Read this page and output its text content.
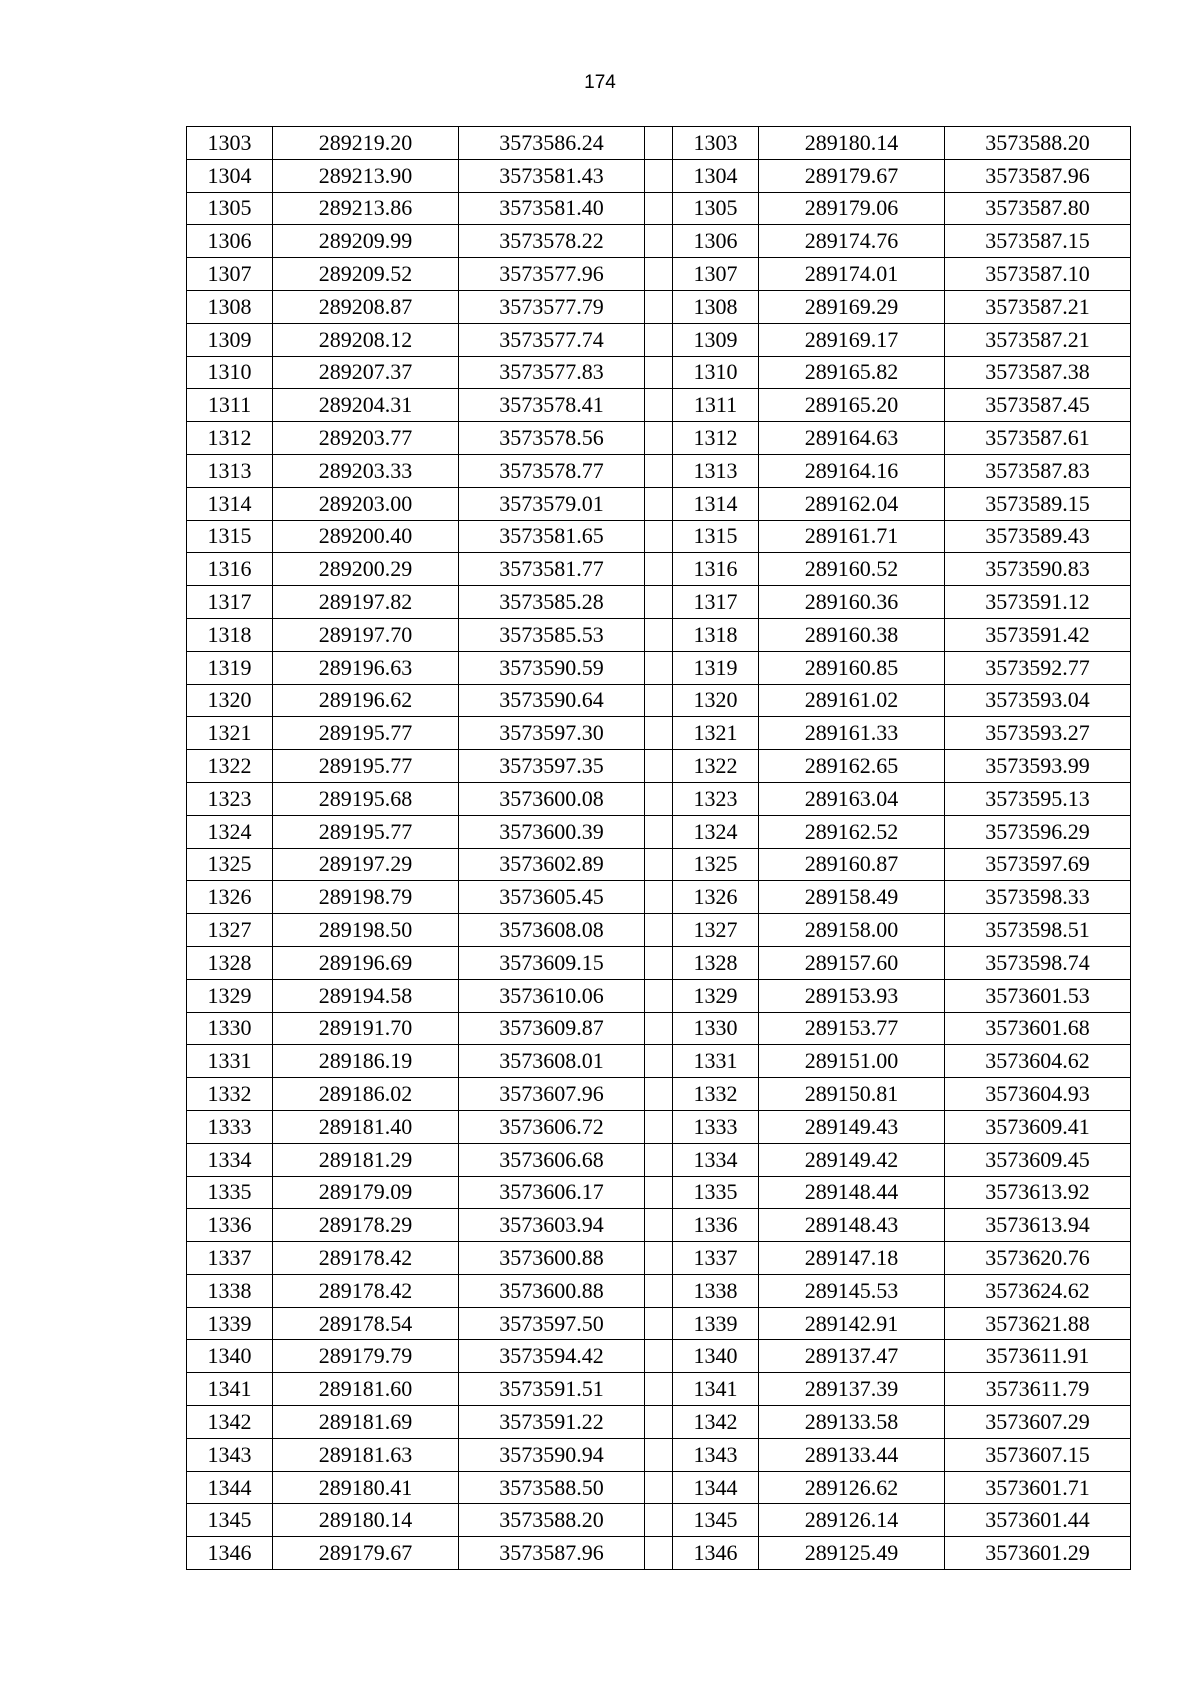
174
1303	289219.20	3573586.24		1303	289180.14	3573588.20
1304	289213.90	3573581.43		1304	289179.67	3573587.96
1305	289213.86	3573581.40		1305	289179.06	3573587.80
1306	289209.99	3573578.22		1306	289174.76	3573587.15
1307	289209.52	3573577.96		1307	289174.01	3573587.10
1308	289208.87	3573577.79		1308	289169.29	3573587.21
1309	289208.12	3573577.74		1309	289169.17	3573587.21
1310	289207.37	3573577.83		1310	289165.82	3573587.38
1311	289204.31	3573578.41		1311	289165.20	3573587.45
1312	289203.77	3573578.56		1312	289164.63	3573587.61
1313	289203.33	3573578.77		1313	289164.16	3573587.83
1314	289203.00	3573579.01		1314	289162.04	3573589.15
1315	289200.40	3573581.65		1315	289161.71	3573589.43
1316	289200.29	3573581.77		1316	289160.52	3573590.83
1317	289197.82	3573585.28		1317	289160.36	3573591.12
1318	289197.70	3573585.53		1318	289160.38	3573591.42
1319	289196.63	3573590.59		1319	289160.85	3573592.77
1320	289196.62	3573590.64		1320	289161.02	3573593.04
1321	289195.77	3573597.30		1321	289161.33	3573593.27
1322	289195.77	3573597.35		1322	289162.65	3573593.99
1323	289195.68	3573600.08		1323	289163.04	3573595.13
1324	289195.77	3573600.39		1324	289162.52	3573596.29
1325	289197.29	3573602.89		1325	289160.87	3573597.69
1326	289198.79	3573605.45		1326	289158.49	3573598.33
1327	289198.50	3573608.08		1327	289158.00	3573598.51
1328	289196.69	3573609.15		1328	289157.60	3573598.74
1329	289194.58	3573610.06		1329	289153.93	3573601.53
1330	289191.70	3573609.87		1330	289153.77	3573601.68
1331	289186.19	3573608.01		1331	289151.00	3573604.62
1332	289186.02	3573607.96		1332	289150.81	3573604.93
1333	289181.40	3573606.72		1333	289149.43	3573609.41
1334	289181.29	3573606.68		1334	289149.42	3573609.45
1335	289179.09	3573606.17		1335	289148.44	3573613.92
1336	289178.29	3573603.94		1336	289148.43	3573613.94
1337	289178.42	3573600.88		1337	289147.18	3573620.76
1338	289178.42	3573600.88		1338	289145.53	3573624.62
1339	289178.54	3573597.50		1339	289142.91	3573621.88
1340	289179.79	3573594.42		1340	289137.47	3573611.91
1341	289181.60	3573591.51		1341	289137.39	3573611.79
1342	289181.69	3573591.22		1342	289133.58	3573607.29
1343	289181.63	3573590.94		1343	289133.44	3573607.15
1344	289180.41	3573588.50		1344	289126.62	3573601.71
1345	289180.14	3573588.20		1345	289126.14	3573601.44
1346	289179.67	3573587.96		1346	289125.49	3573601.29
